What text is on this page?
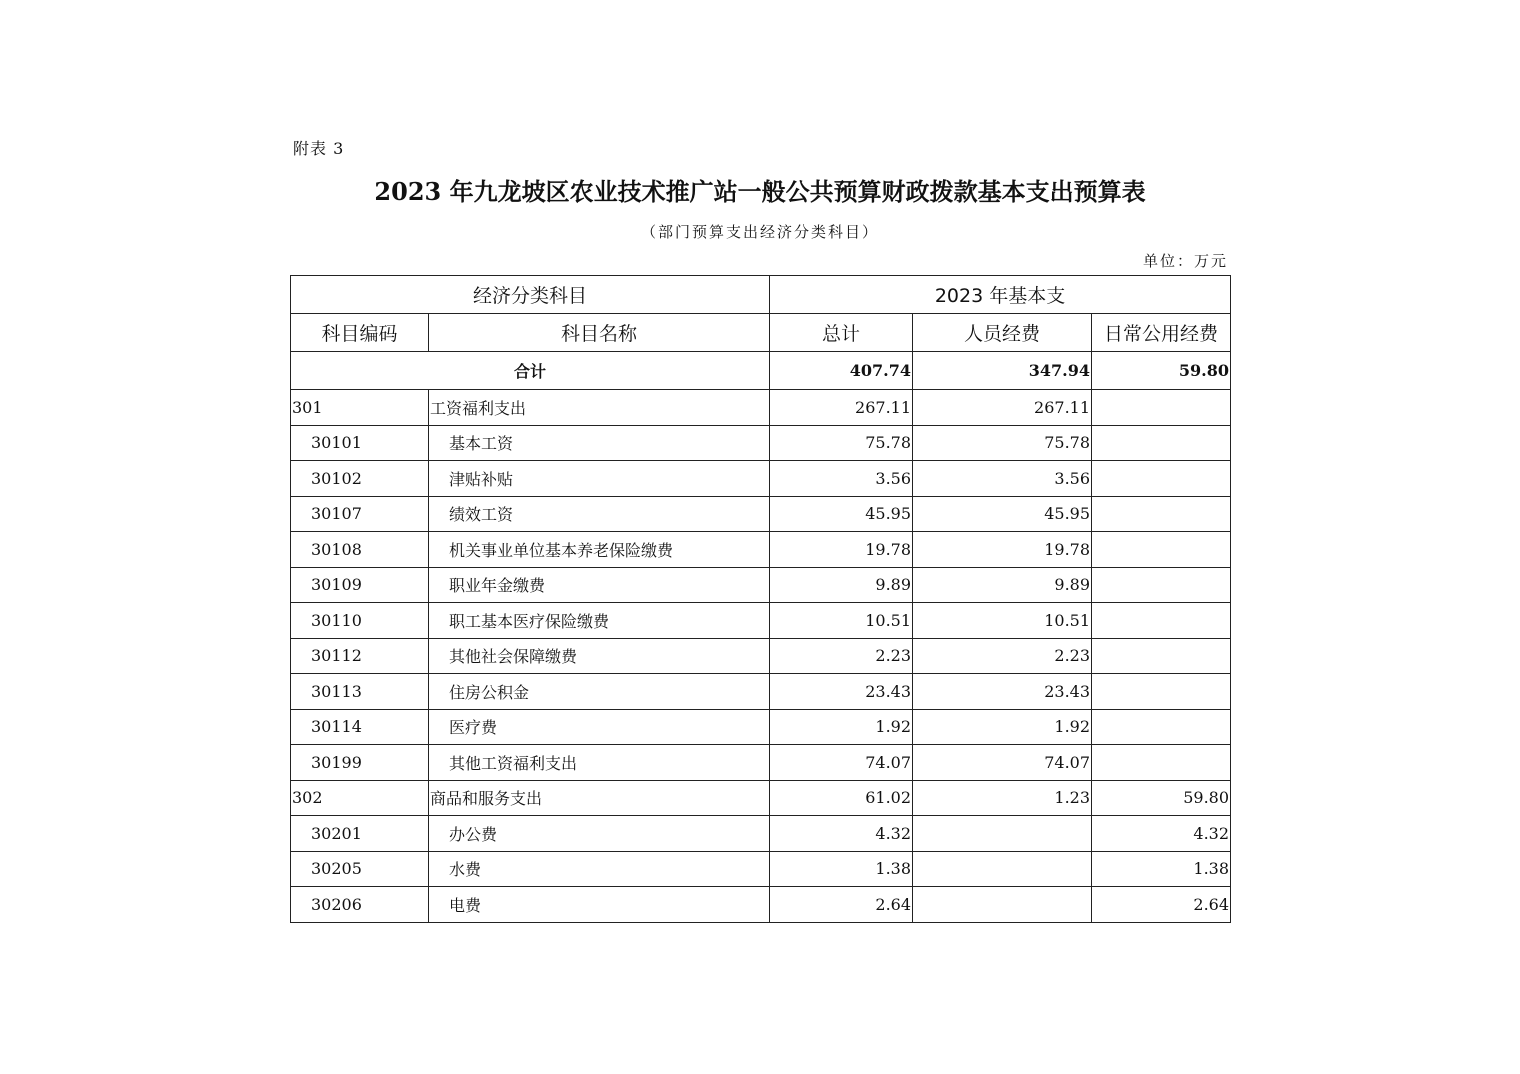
附表 3
2023 年九龙坡区农业技术推广站一般公共预算财政拨款基本支出预算表
（部门预算支出经济分类科目）
单位：万元
经济分类科目		2023 年基本支		
科目编码	科目名称	总计	人员经费	日常公用经费
合计		407.74	347.94	59.80
301	工资福利支出	267.11	267.11	
30101	基本工资	75.78	75.78	
30102	津贴补贴	3.56	3.56	
30107	绩效工资	45.95	45.95	
30108	机关事业单位基本养老保险缴费	19.78	19.78	
30109	职业年金缴费	9.89	9.89	
30110	职工基本医疗保险缴费	10.51	10.51	
30112	其他社会保障缴费	2.23	2.23	
30113	住房公积金	23.43	23.43	
30114	医疗费	1.92	1.92	
30199	其他工资福利支出	74.07	74.07	
302	商品和服务支出	61.02	1.23	59.80
30201	办公费	4.32		4.32
30205	水费	1.38		1.38
30206	电费	2.64		2.64
